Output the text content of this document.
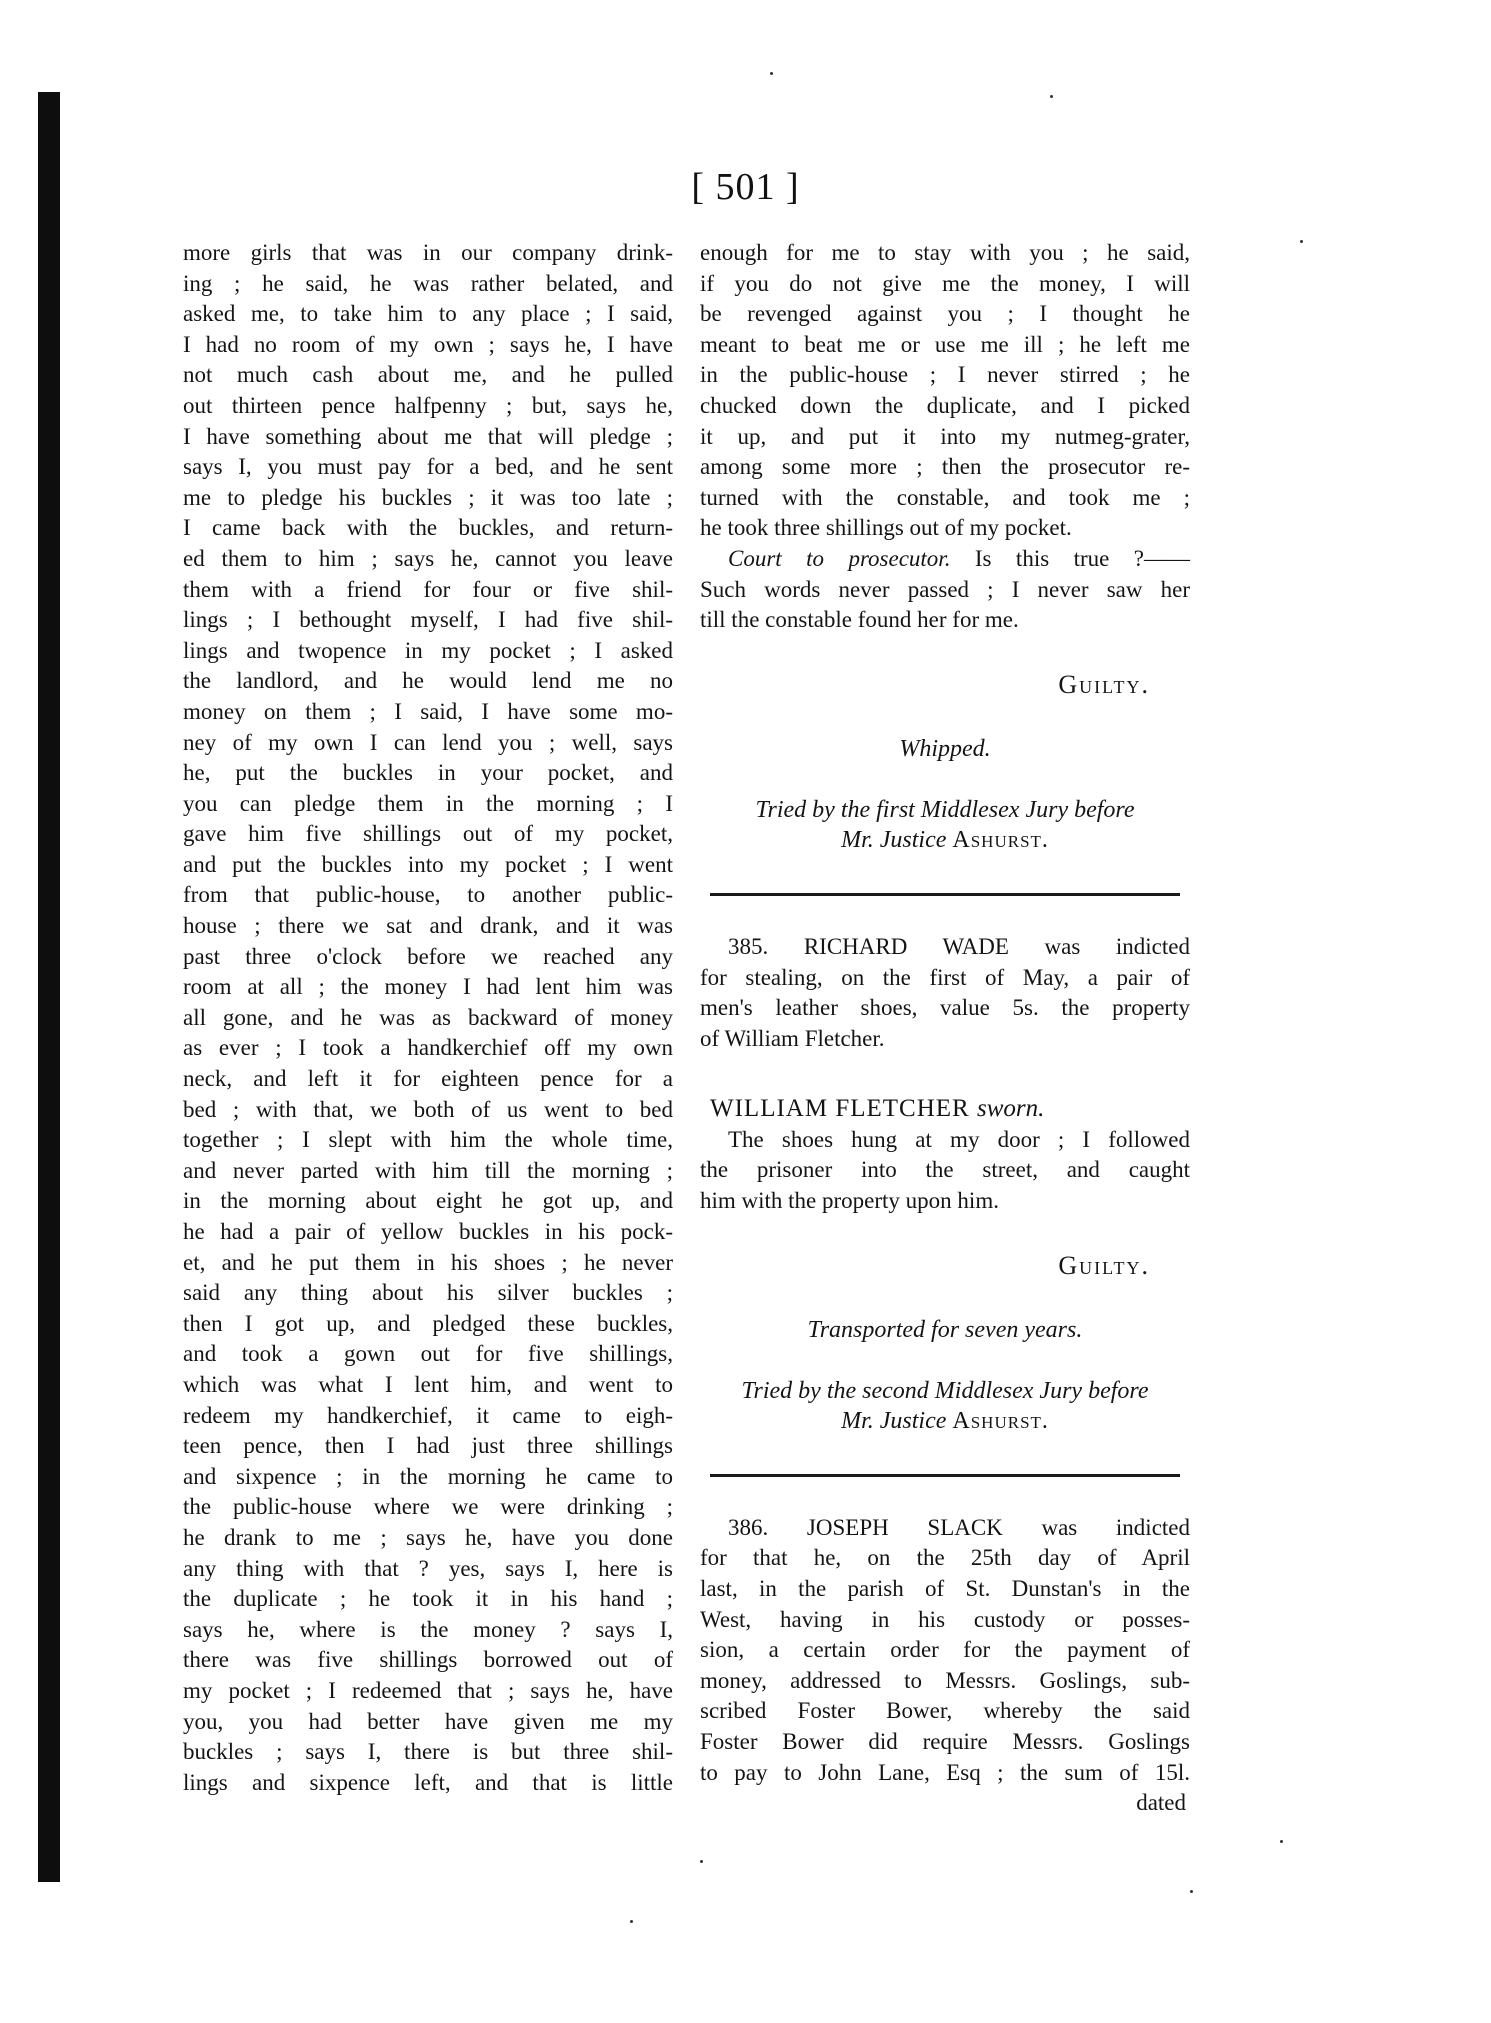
[ 501 ]
more girls that was in our company drink-
ing ; he said, he was rather belated, and
asked me, to take him to any place ; I said,
I had no room of my own ; says he, I have
not much cash about me, and he pulled
out thirteen pence halfpenny ; but, says he,
I have something about me that will pledge ;
says I, you must pay for a bed, and he sent
me to pledge his buckles ; it was too late ;
I came back with the buckles, and return-
ed them to him ; says he, cannot you leave
them with a friend for four or five shil-
lings ; I bethought myself, I had five shil-
lings and twopence in my pocket ; I asked
the landlord, and he would lend me no
money on them ; I said, I have some mo-
ney of my own I can lend you ; well, says
he, put the buckles in your pocket, and
you can pledge them in the morning ; I
gave him five shillings out of my pocket,
and put the buckles into my pocket ; I went
from that public-house, to another public-
house ; there we sat and drank, and it was
past three o'clock before we reached any
room at all ; the money I had lent him was
all gone, and he was as backward of money
as ever ; I took a handkerchief off my own
neck, and left it for eighteen pence for a
bed ; with that, we both of us went to bed
together ; I slept with him the whole time,
and never parted with him till the morning ;
in the morning about eight he got up, and
he had a pair of yellow buckles in his pock-
et, and he put them in his shoes ; he never
said any thing about his silver buckles ;
then I got up, and pledged these buckles,
and took a gown out for five shillings,
which was what I lent him, and went to
redeem my handkerchief, it came to eigh-
teen pence, then I had just three shillings
and sixpence ; in the morning he came to
the public-house where we were drinking ;
he drank to me ; says he, have you done
any thing with that ? yes, says I, here is
the duplicate ; he took it in his hand ;
says he, where is the money ? says I,
there was five shillings borrowed out of
my pocket ; I redeemed that ; says he, have
you, you had better have given me my
buckles ; says I, there is but three shil-
lings and sixpence left, and that is little
enough for me to stay with you ; he said,
if you do not give me the money, I will
be revenged against you ; I thought he
meant to beat me or use me ill ; he left me
in the public-house ; I never stirred ; he
chucked down the duplicate, and I picked
it up, and put it into my nutmeg-grater,
among some more ; then the prosecutor re-
turned with the constable, and took me ;
he took three shillings out of my pocket.
Court to prosecutor. Is this true ?——
Such words never passed ; I never saw her
till the constable found her for me.
Guilty.
Whipped.
Tried by the first Middlesex Jury before
Mr. Justice Ashurst.
385. RICHARD WADE was indicted
for stealing, on the first of May, a pair of
men's leather shoes, value 5s. the property
of William Fletcher.
WILLIAM FLETCHER sworn.
The shoes hung at my door ; I followed
the prisoner into the street, and caught
him with the property upon him.
Guilty.
Transported for seven years.
Tried by the second Middlesex Jury before
Mr. Justice Ashurst.
386. JOSEPH SLACK was indicted
for that he, on the 25th day of April
last, in the parish of St. Dunstan's in the
West, having in his custody or posses-
sion, a certain order for the payment of
money, addressed to Messrs. Goslings, sub-
scribed Foster Bower, whereby the said
Foster Bower did require Messrs. Goslings
to pay to John Lane, Esq ; the sum of 15l.
dated
